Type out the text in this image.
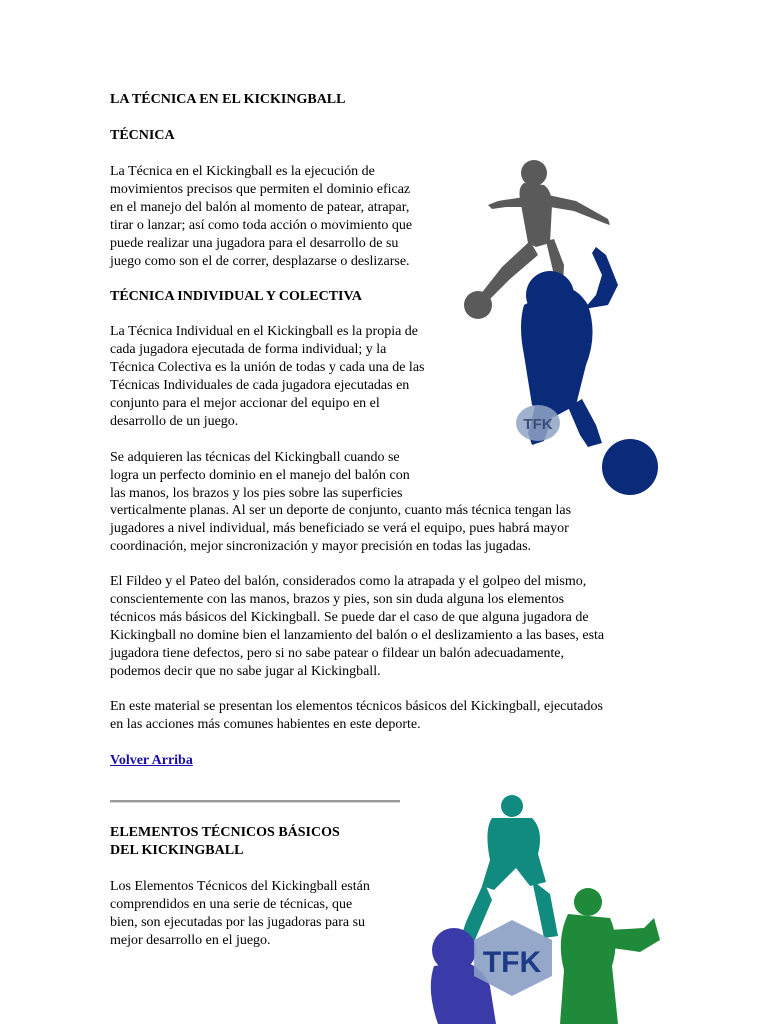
LA TÉCNICA EN EL KICKINGBALL

TÉCNICA

La Técnica en el Kickingball es la ejecución de

movimientos precisos que permiten el dominio eficaz

en el manejo del balón al momento de patear, atrapar,

tirar o lanzar; así como toda acción o movimiento que

puede realizar una jugadora para el desarrollo de su

juego como son el de correr, desplazarse o deslizarse.

TÉCNICA INDIVIDUAL Y COLECTIVA

La Técnica Individual en el Kickingball es la propia de

cada jugadora ejecutada de forma individual; y la

Técnica Colectiva es la unión de todas y cada una de las

Técnicas Individuales de cada jugadora ejecutadas en

conjunto para el mejor accionar del equipo en el

desarrollo de un juego.

Se adquieren las técnicas del Kickingball cuando se

logra un perfecto dominio en el manejo del balón con

las manos, los brazos y los pies sobre las superficies

verticalmente planas. Al ser un deporte de conjunto, cuanto más técnica tengan las

jugadores a nivel individual, más beneficiado se verá el equipo, pues habrá mayor

coordinación, mejor sincronización y mayor precisión en todas las jugadas.

El Fildeo y el Pateo del balón, considerados como la atrapada y el golpeo del mismo,

conscientemente con las manos, brazos y pies, son sin duda alguna los elementos

técnicos más básicos del Kickingball. Se puede dar el caso de que alguna jugadora de

Kickingball no domine bien el lanzamiento del balón o el deslizamiento a las bases, esta

jugadora tiene defectos, pero si no sabe patear o fildear un balón adecuadamente,

podemos decir que no sabe jugar al Kickingball.

En este material se presentan los elementos técnicos básicos del Kickingball, ejecutados

en las acciones más comunes habientes en este deporte.

Volver Arriba

ELEMENTOS TÉCNICOS BÁSICOS

DEL KICKINGBALL

Los Elementos Técnicos del Kickingball están

comprendidos en una serie de técnicas, que

bien, son ejecutadas por las jugadoras para su

mejor desarrollo en el juego.

TFK
TFK
